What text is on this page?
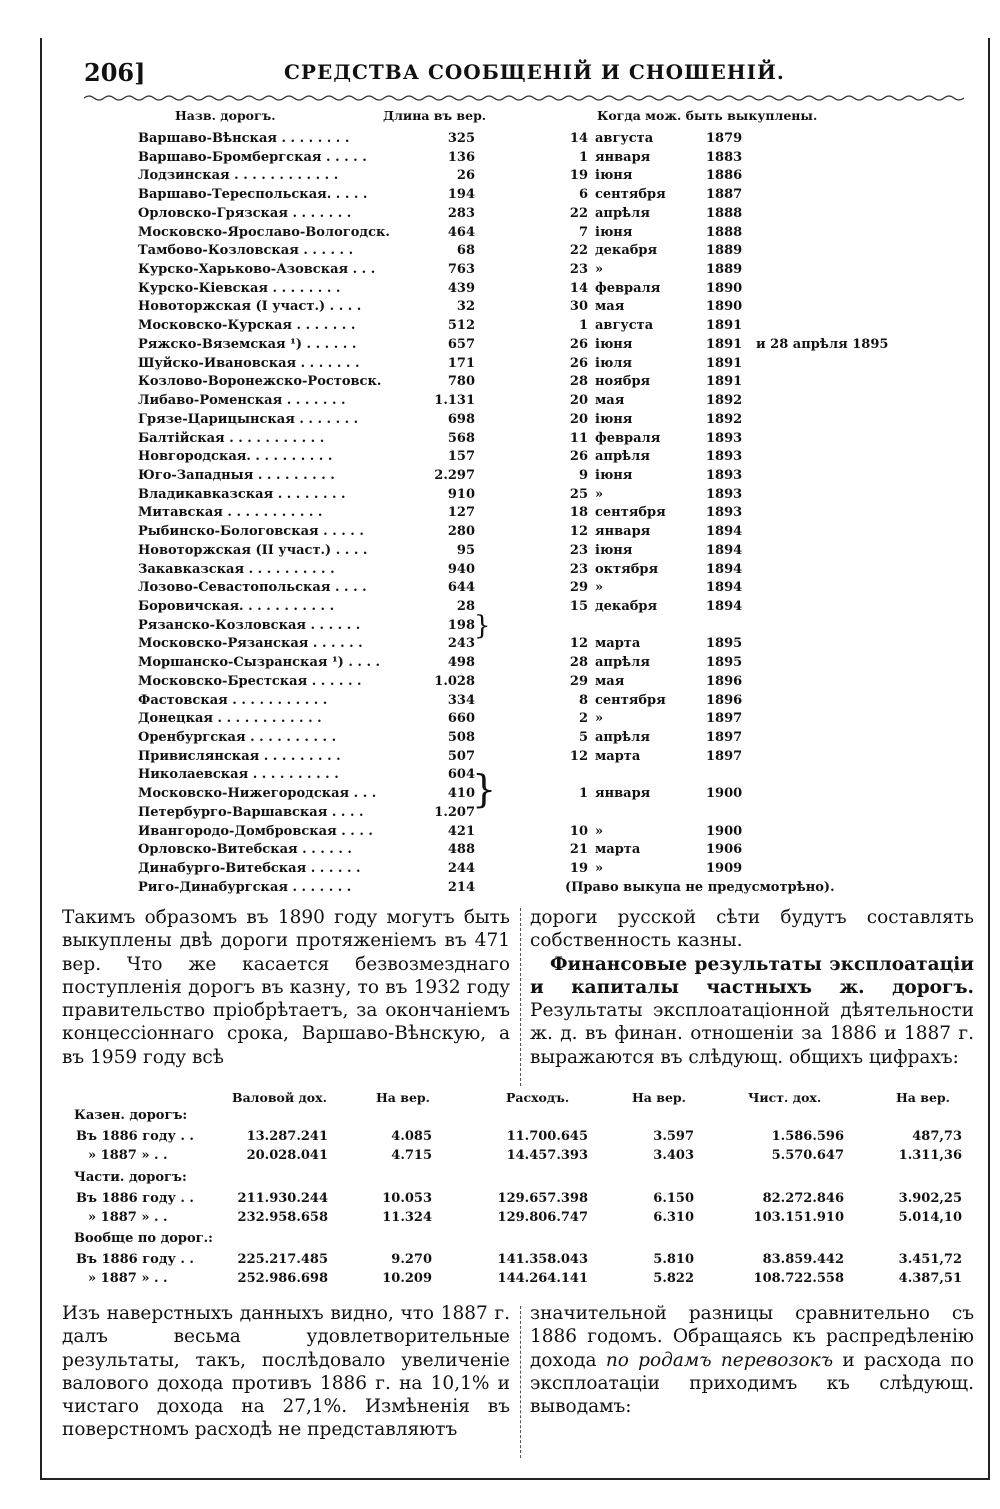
206]	СРЕДСТВА СООБЩЕНIЙ И СНОШЕНIЙ.
Назв. дорогъ.	Длина въ вер.	Когда мож. быть выкуплены.
Варшаво-Вѣнская . . . . . . . .	325	14 августа	1879
Варшаво-Бромбергская . . . . .	136	1 января	1883
Лодзинская . . . . . . . . . . . .	26	19 iюня	1886
Варшаво-Тереспольская. . . . .	194	6 сентября	1887
Орловско-Грязская . . . . . . .	283	22 апрѣля	1888
Московско-Ярославо-Вологодск.	464	7 iюня	1888
Тамбово-Козловская . . . . . .	68	22 декабря	1889
Курско-Харьково-Азовская . . .	763	23 »	1889
Курско-Кiевская . . . . . . . .	439	14 февраля	1890
Новоторжская (I участ.) . . . .	32	30 мая	1890
Московско-Курская . . . . . . .	512	1 августа	1891
Ряжско-Вяземская ¹) . . . . . .	657	26 iюня	1891	и 28 апрѣля 1895
Шуйско-Ивановская . . . . . . .	171	26 iюля	1891
Козлово-Воронежско-Ростовск.	780	28 ноября	1891
Либаво-Роменская . . . . . . .	1.131	20 мая	1892
Грязе-Царицынская . . . . . . .	698	20 iюня	1892
Балтiйская . . . . . . . . . . .	568	11 февраля	1893
Новгородская. . . . . . . . . .	157	26 апрѣля	1893
Юго-Западныя . . . . . . . . .	2.297	9 iюня	1893
Владикавказская . . . . . . . .	910	25 »	1893
Митавская . . . . . . . . . . .	127	18 сентября	1893
Рыбинско-Бологовская . . . . .	280	12 января	1894
Новоторжская (II участ.) . . . .	95	23 iюня	1894
Закавказская . . . . . . . . . .	940	23 октября	1894
Лозово-Севастопольская . . . .	644	29 »	1894
Боровичская. . . . . . . . . . .	28	15 декабря	1894
Рязанско-Козловская . . . . . .	198
Московско-Рязанская . . . . . .	243	12 марта	1895
Моршанско-Сызранская ¹) . . . .	498	28 апрѣля	1895
Московско-Брестская . . . . . .	1.028	29 мая	1896
Фастовская . . . . . . . . . . .	334	8 сентября	1896
Донецкая . . . . . . . . . . . .	660	2 »	1897
Оренбургская . . . . . . . . . .	508	5 апрѣля	1897
Привислянская . . . . . . . . .	507	12 марта	1897
Николаевская . . . . . . . . . .	604
Московско-Нижегородская . . .	410	1 января	1900
Петербурго-Варшавская . . . .	1.207
Ивангородо-Домбровская . . . .	421	10 »	1900
Орловско-Витебская . . . . . .	488	21 марта	1906
Динабурго-Витебская . . . . . .	244	19 »	1909
Риго-Динабургская . . . . . . .	214	(Право выкупа не предусмотрѣно).
}
}

Такимъ образомъ въ 1890 году могутъ быть выкуплены двѣ дороги протяженiемъ въ 471 вер. Что же касается безвозмезднаго поступленiя дорогъ въ казну, то въ 1932 году правительство прiобрѣтаетъ, за окончанiемъ концессiоннаго срока, Варшаво-Вѣнскую, а въ 1959 году всѣ

дороги русской сѣти будутъ составлять собственность казны.

Финансовые результаты эксплоатацiи и капиталы частныхъ ж. дорогъ. Результаты эксплоатацiонной дѣятельности ж. д. въ финан. отношенiи за 1886 и 1887 г. выражаются въ слѣдующ. общихъ цифрахъ:

Валовой дох.	На вер.	Расходъ.	На вер.	Чист. дох.	На вер.
Казен. дорогъ:
Въ 1886 году . .	13.287.241	4.085	11.700.645	3.597	1.586.596	487,73
» 1887 » . .	20.028.041	4.715	14.457.393	3.403	5.570.647	1.311,36
Части. дорогъ:
Въ 1886 году . .	211.930.244	10.053	129.657.398	6.150	82.272.846	3.902,25
» 1887 » . .	232.958.658	11.324	129.806.747	6.310	103.151.910	5.014,10
Вообще по дорог.:
Въ 1886 году . .	225.217.485	9.270	141.358.043	5.810	83.859.442	3.451,72
» 1887 » . .	252.986.698	10.209	144.264.141	5.822	108.722.558	4.387,51

Изъ наверстныхъ данныхъ видно, что 1887 г. далъ весьма удовлетворительные результаты, такъ, послѣдовало увеличенiе валового дохода противъ 1886 г. на 10,1% и чистаго дохода на 27,1%. Измѣненiя въ поверстномъ расходѣ не представляютъ

значительной разницы сравнительно съ 1886 годомъ. Обращаясь къ распредѣленiю дохода по родамъ перевозокъ и расхода по эксплоатацiи приходимъ къ слѣдующ. выводамъ:
